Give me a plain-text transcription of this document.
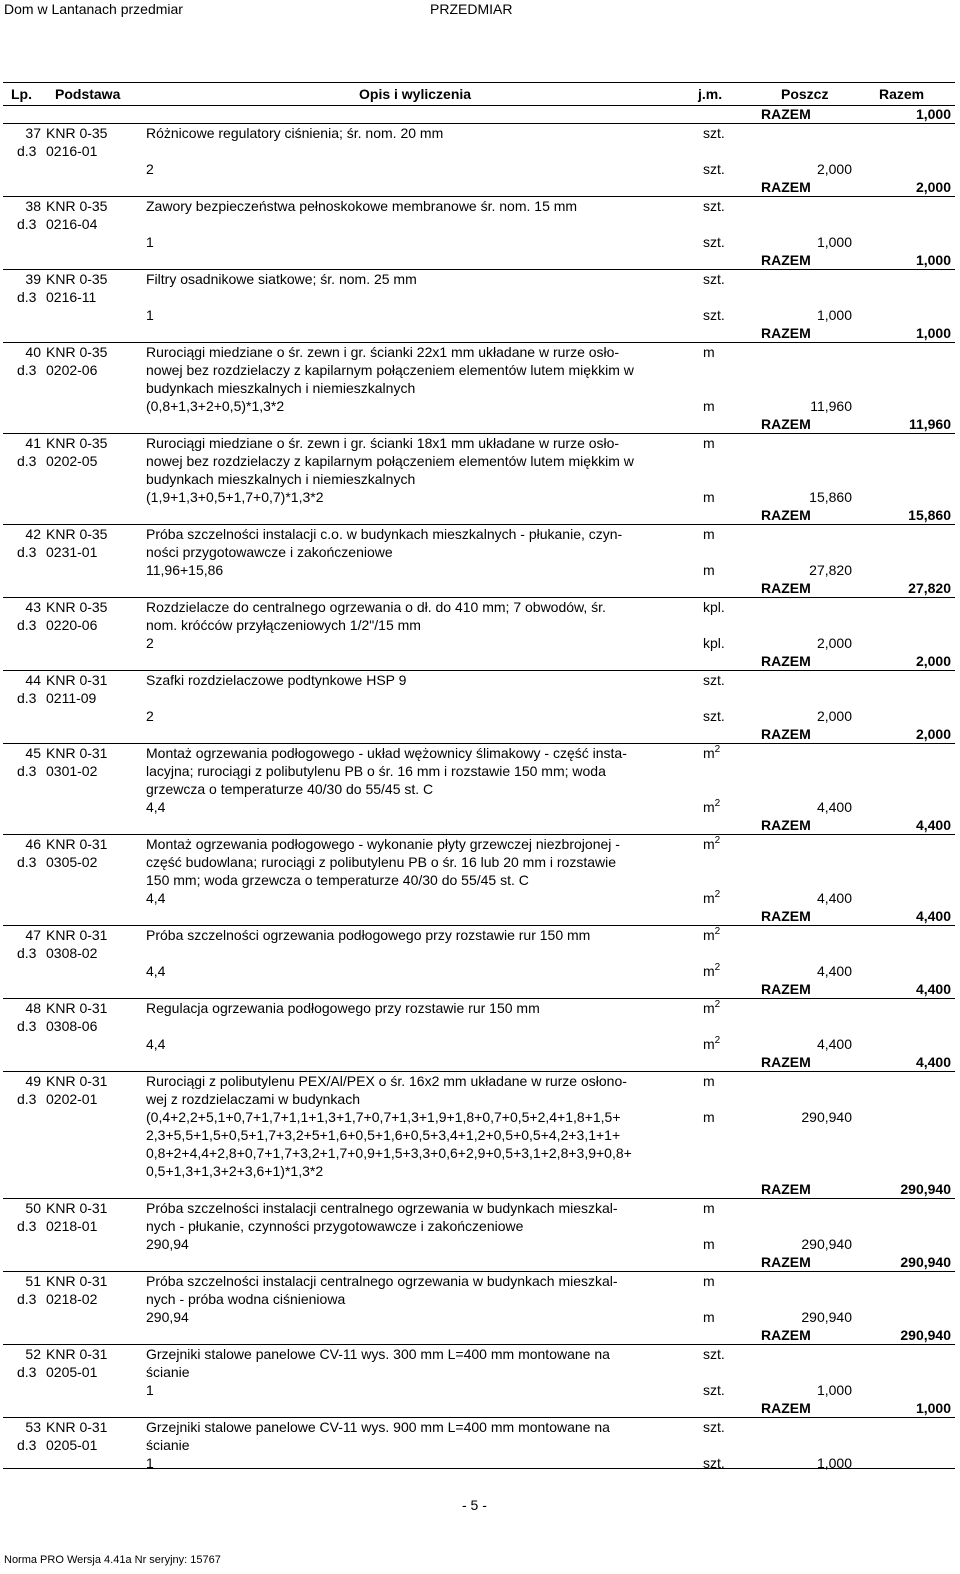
Dom w Lantanach przedmiar	PRZEDMIAR
Lp. Podstawa	Opis i wyliczenia	j.m.	Poszcz	Razem
RAZEM	1,000
37 KNR 0-35	szt.
Różnicowe regulatory ciśnienia; śr. nom. 20 mm
d.3 0216-01
2	szt.	2,000
RAZEM	2,000
38 KNR 0-35	szt.
Zawory bezpieczeństwa pełnoskokowe membranowe śr. nom. 15 mm
d.3 0216-04
1	szt.	1,000
RAZEM	1,000
39 KNR 0-35	szt.
Filtry osadnikowe siatkowe; śr. nom. 25 mm
d.3 0216-11
1	szt.	1,000
RAZEM	1,000
40 KNR 0-35	m
Rurociągi miedziane o śr. zewn i gr. ścianki 22x1 mm układane w rurze osło-
d.3 0202-06	nowej bez rozdzielaczy z kapilarnym połączeniem elementów lutem miękkim w
budynkach mieszkalnych i niemieszkalnych
(0,8+1,3+2+0,5)*1,3*2	m	11,960
RAZEM	11,960
41 KNR 0-35	m
Rurociągi miedziane o śr. zewn i gr. ścianki 18x1 mm układane w rurze osło-
d.3 0202-05	nowej bez rozdzielaczy z kapilarnym połączeniem elementów lutem miękkim w
budynkach mieszkalnych i niemieszkalnych
(1,9+1,3+0,5+1,7+0,7)*1,3*2	m	15,860
RAZEM	15,860
42 KNR 0-35	m
Próba szczelności instalacji c.o. w budynkach mieszkalnych - płukanie, czyn-
d.3 0231-01	ności przygotowawcze i zakończeniowe
11,96+15,86	m	27,820
RAZEM	27,820
43 KNR 0-35	kpl.
Rozdzielacze do centralnego ogrzewania o dł. do 410 mm; 7 obwodów, śr.
d.3 0220-06	nom. króćców przyłączeniowych 1/2"/15 mm
2	kpl.	2,000
RAZEM	2,000
44 KNR 0-31	szt.
Szafki rozdzielaczowe podtynkowe HSP 9
d.3 0211-09
2	szt.	2,000
RAZEM	2,000
45 KNR 0-31	$m^2$
Montaż ogrzewania podłogowego - układ wężownicy ślimakowy - część insta-
d.3 0301-02	lacyjna; rurociągi z polibutylenu PB o śr. 16 mm i rozstawie 150 mm; woda
grzewcza o temperaturze 40/30 do 55/45 st. C
4,4	$m^2$	4,400
RAZEM	4,400
46 KNR 0-31	$m^2$
Montaż ogrzewania podłogowego - wykonanie płyty grzewczej niezbrojonej -
d.3 0305-02	część budowlana; rurociągi z polibutylenu PB o śr. 16 lub 20 mm i rozstawie
150 mm; woda grzewcza o temperaturze 40/30 do 55/45 st. C
4,4	$m^2$	4,400
RAZEM	4,400
47 KNR 0-31	$m^2$
Próba szczelności ogrzewania podłogowego przy rozstawie rur 150 mm
d.3 0308-02
4,4	$m^2$	4,400
RAZEM	4,400
48 KNR 0-31	$m^2$
Regulacja ogrzewania podłogowego przy rozstawie rur 150 mm
d.3 0308-06
4,4	$m^2$	4,400
RAZEM	4,400
49 KNR 0-31	m
Rurociągi z polibutylenu PEX/Al/PEX o śr. 16x2 mm układane w rurze osłono-
d.3 0202-01	wej z rozdzielaczami w budynkach
(0,4+2,2+5,1+0,7+1,7+1,1+1,3+1,7+0,7+1,3+1,9+1,8+0,7+0,5+2,4+1,8+1,5+	m	290,940
2,3+5,5+1,5+0,5+1,7+3,2+5+1,6+0,5+1,6+0,5+3,4+1,2+0,5+0,5+4,2+3,1+1+
0,8+2+4,4+2,8+0,7+1,7+3,2+1,7+0,9+1,5+3,3+0,6+2,9+0,5+3,1+2,8+3,9+0,8+
0,5+1,3+1,3+2+3,6+1)*1,3*2
RAZEM	290,940
50 KNR 0-31	m
Próba szczelności instalacji centralnego ogrzewania w budynkach mieszkal-
d.3 0218-01	nych - płukanie, czynności przygotowawcze i zakończeniowe
290,94	m	290,940
RAZEM	290,940
51 KNR 0-31	m
Próba szczelności instalacji centralnego ogrzewania w budynkach mieszkal-
d.3 0218-02	nych - próba wodna ciśnieniowa
290,94	m	290,940
RAZEM	290,940
52 KNR 0-31	szt.
Grzejniki stalowe panelowe CV-11 wys. 300 mm L=400 mm montowane na
d.3 0205-01	ścianie
1	szt.	1,000
RAZEM	1,000
53 KNR 0-31	szt.
Grzejniki stalowe panelowe CV-11 wys. 900 mm L=400 mm montowane na
d.3 0205-01	ścianie
1	szt.	1,000
- 5 -
Norma PRO Wersja 4.41a Nr seryjny: 15767
